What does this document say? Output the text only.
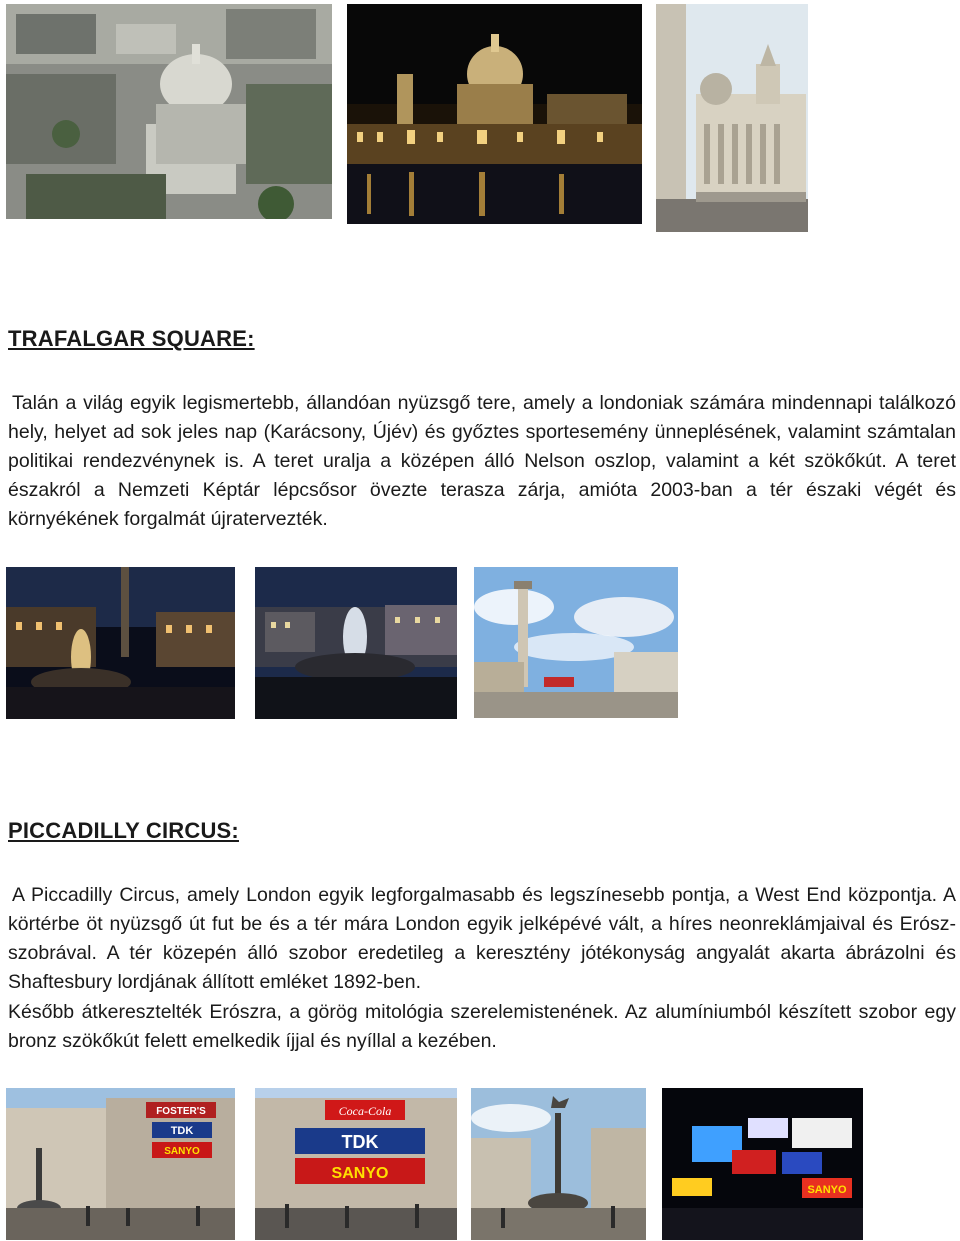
TRAFALGAR SQUARE:

Talán a világ egyik legismertebb, állandóan nyüzsgő tere, amely a londoniak számára mindennapi találkozó hely, helyet ad sok jeles nap (Karácsony, Újév) és győztes sportesemény ünneplésének, valamint számtalan politikai rendezvénynek is. A teret uralja a középen álló Nelson oszlop, valamint a két szökőkút. A teret északról a Nemzeti Képtár lépcsősor övezte terasza zárja, amióta 2003-ban a tér északi végét és környékének forgalmát újratervezték.

PICCADILLY CIRCUS:

A Piccadilly Circus, amely London egyik legforgalmasabb és legszínesebb pontja, a West End központja. A körtérbe öt nyüzsgő út fut be és a tér mára London egyik jelképévé vált, a híres neonreklámjaival és Erósz-szobrával. A tér közepén álló szobor eredetileg a keresztény jótékonyság angyalát akarta ábrázolni és Shaftesbury lordjának állított emléket 1892-ben.

Később átkeresztelték Erószra, a görög mitológia szerelemistenének. Az alumíniumból készített szobor egy bronz szökőkút felett emelkedik íjjal és nyíllal a kezében.

FOSTER'S
TDK
SANYO
Coca-Cola
TDK
SANYO
SANYO
